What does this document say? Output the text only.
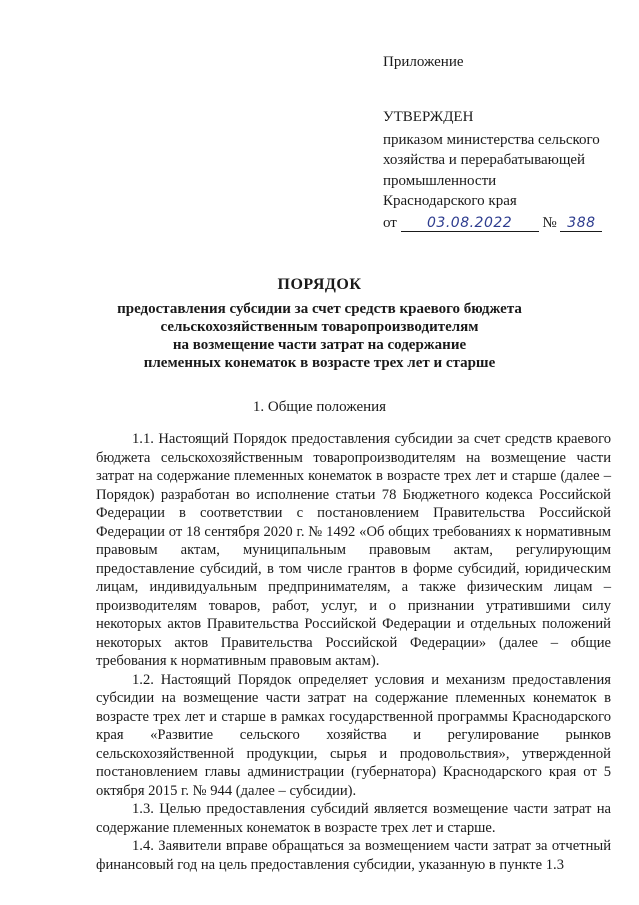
Приложение
УТВЕРЖДЕН
приказом министерства сельского
хозяйства и перерабатывающей
промышленности
Краснодарского края
от 03.08.2022 № 388
ПОРЯДОК
предоставления субсидии за счет средств краевого бюджета
сельскохозяйственным товаропроизводителям
на возмещение части затрат на содержание
племенных конематок в возрасте трех лет и старше
1. Общие положения

1.1. Настоящий Порядок предоставления субсидии за счет средств краевого бюджета сельскохозяйственным товаропроизводителям на возмещение части затрат на содержание племенных конематок в возрасте трех лет и старше (далее – Порядок) разработан во исполнение статьи 78 Бюджетного кодекса Российской Федерации в соответствии с постановлением Правительства Российской Федерации от 18 сентября 2020 г. № 1492 «Об общих требованиях к нормативным правовым актам, муниципальным правовым актам, регулирующим предоставление субсидий, в том числе грантов в форме субсидий, юридическим лицам, индивидуальным предпринимателям, а также физическим лицам – производителям товаров, работ, услуг, и о признании утратившими силу некоторых актов Правительства Российской Федерации и отдельных положений некоторых актов Правительства Российской Федерации» (далее – общие требования к нормативным правовым актам).

1.2. Настоящий Порядок определяет условия и механизм предоставления субсидии на возмещение части затрат на содержание племенных конематок в возрасте трех лет и старше в рамках государственной программы Краснодарского края «Развитие сельского хозяйства и регулирование рынков сельскохозяйственной продукции, сырья и продовольствия», утвержденной постановлением главы администрации (губернатора) Краснодарского края от 5 октября 2015 г. № 944 (далее – субсидии).

1.3. Целью предоставления субсидий является возмещение части затрат на содержание племенных конематок в возрасте трех лет и старше.

1.4. Заявители вправе обращаться за возмещением части затрат за отчетный финансовый год на цель предоставления субсидии, указанную в пункте 1.3
